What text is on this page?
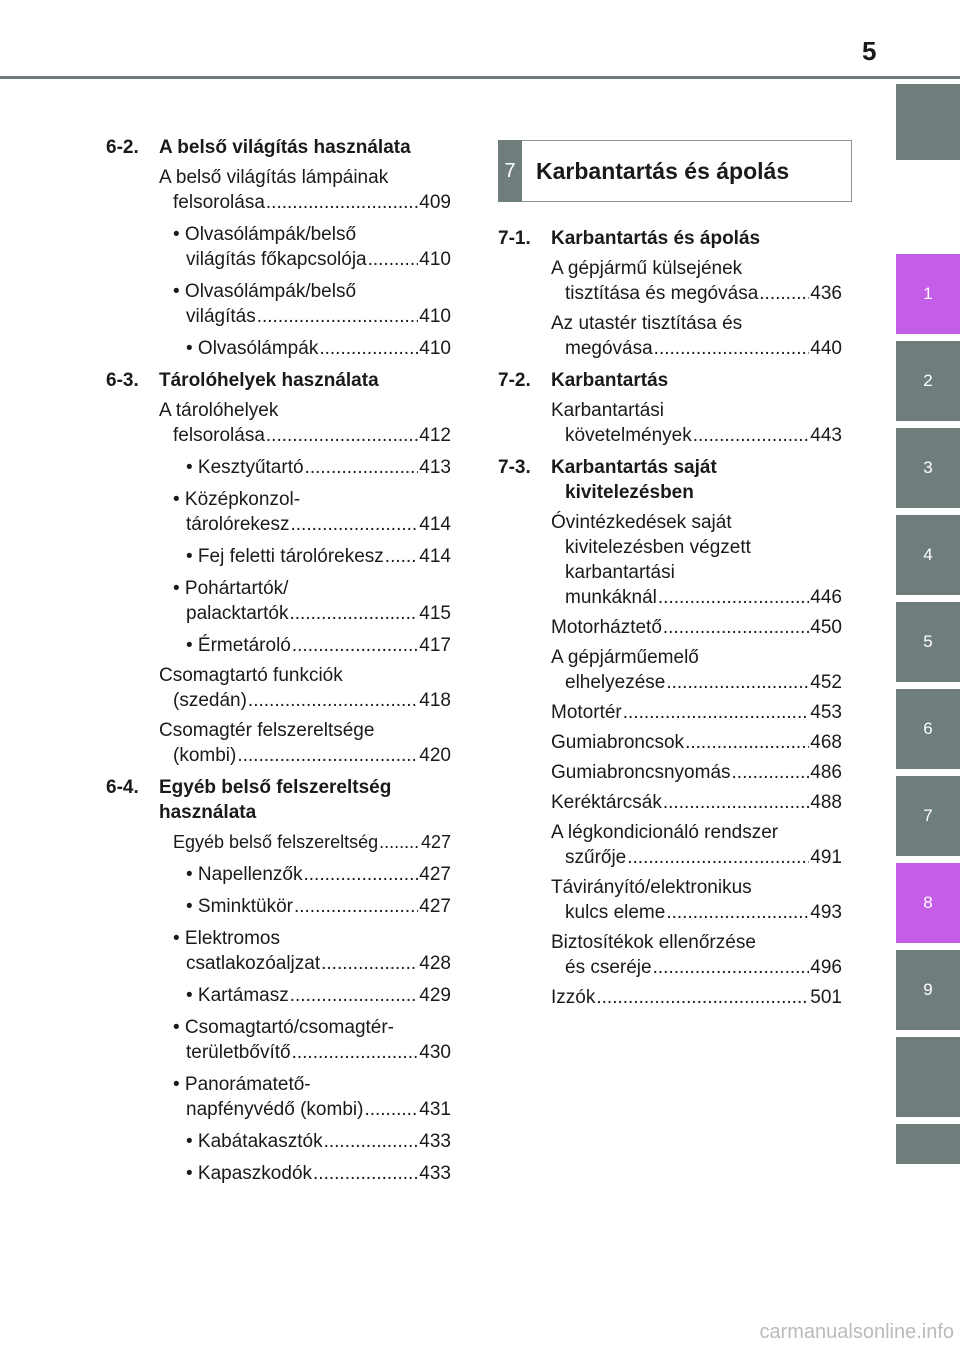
5
1
2
3
4
5
6
7
8
9
6-2. A belső világítás használata
A belső világítás lámpáinak
felsorolása .....	409
• Olvasólámpák/belső
világítás főkapcsolója .....	410
• Olvasólámpák/belső
világítás .....	410
• Olvasólámpák .....	410
6-3. Tárolóhelyek használata
A tárolóhelyek
felsorolása .....	412
• Kesztyűtartó .....	413
• Középkonzol-
tárolórekesz .....	414
• Fej feletti tárolórekesz ..... 414
• Pohártartók/
palacktartók .....	415
• Érmetároló .....	417
Csomagtartó funkciók
(szedán) .....	418
Csomagtér felszereltsége
(kombi) .....	420
6-4. Egyéb belső felszereltség
használata
Egyéb belső felszereltség ..... 427
• Napellenzők .....	427
• Sminktükör .....	427
• Elektromos
csatlakozóaljzat .....	428
• Kartámasz .....	429
• Csomagtartó/csomagtér-
területbővítő .....	430
• Panorámatető-
napfényvédő (kombi) .....	431
• Kabátakasztók .....	433
• Kapaszkodók .....	433
7 Karbantartás és ápolás
7-1. Karbantartás és ápolás
A gépjármű külsejének
tisztítása és megóvása .....	436
Az utastér tisztítása és
megóvása .....	440
7-2. Karbantartás
Karbantartási
követelmények .....	443
7-3. Karbantartás saját
kivitelezésben
Óvintézkedések saját
kivitelezésben végzett
karbantartási
munkáknál .....	446
Motorháztető .....	450
A gépjárműemelő
elhelyezése .....	452
Motortér .....	453
Gumiabroncsok .....	468
Gumiabroncsnyomás .....	486
Keréktárcsák .....	488
A légkondicionáló rendszer
szűrője .....	491
Távirányító/elektronikus
kulcs eleme .....	493
Biztosítékok ellenőrzése
és cseréje .....	496
Izzók .....	501
carmanualsonline.info
